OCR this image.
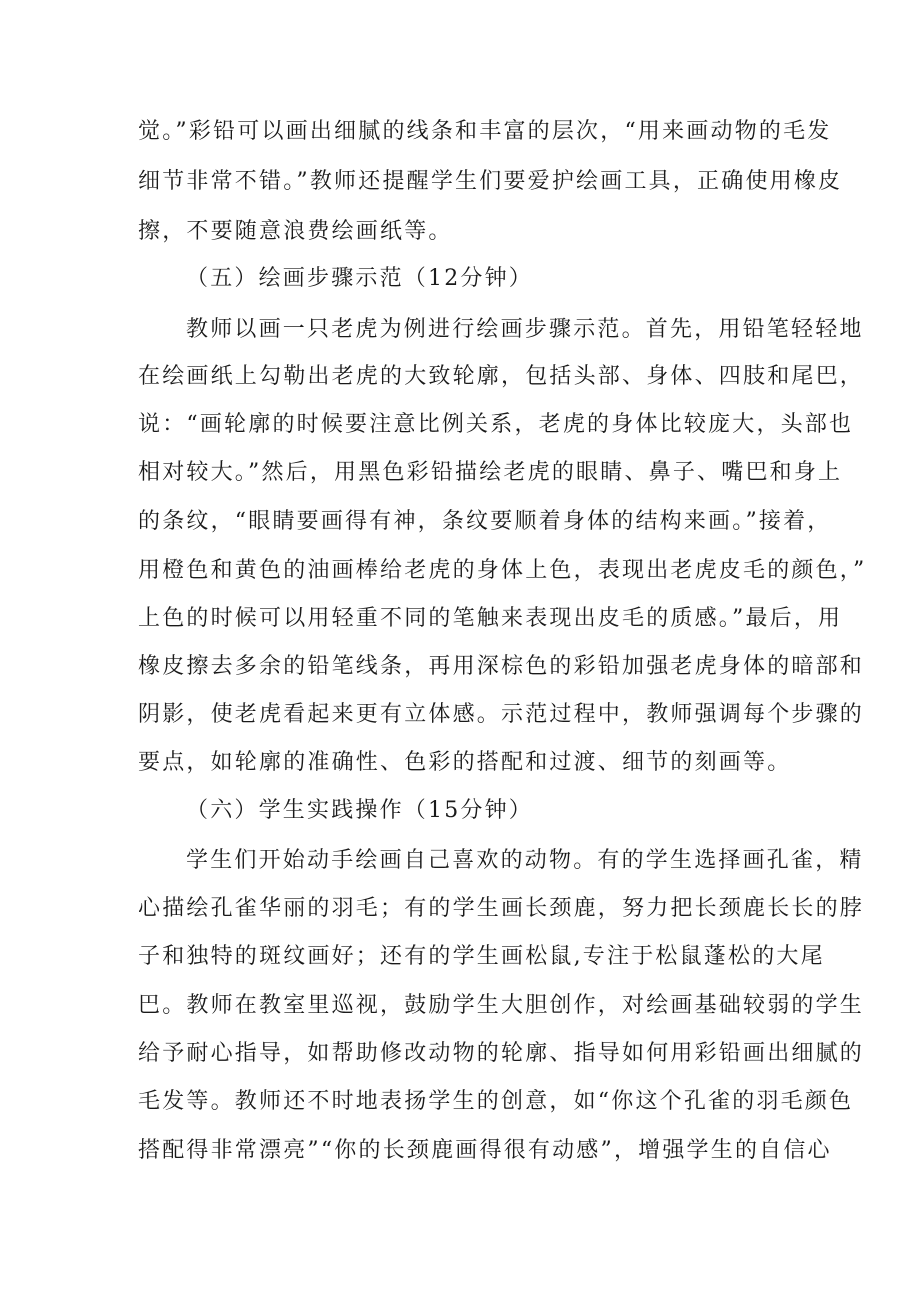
觉。”彩铅可以画出细腻的线条和丰富的层次，“用来画动物的毛发
细节非常不错。”教师还提醒学生们要爱护绘画工具，正确使用橡皮
擦，不要随意浪费绘画纸等。
（五）绘画步骤示范（12分钟）
教师以画一只老虎为例进行绘画步骤示范。首先，用铅笔轻轻地
在绘画纸上勾勒出老虎的大致轮廓，包括头部、身体、四肢和尾巴，
说：“画轮廓的时候要注意比例关系，老虎的身体比较庞大，头部也
相对较大。”然后，用黑色彩铅描绘老虎的眼睛、鼻子、嘴巴和身上
的条纹，“眼睛要画得有神，条纹要顺着身体的结构来画。”接着，
用橙色和黄色的油画棒给老虎的身体上色，表现出老虎皮毛的颜色，”
上色的时候可以用轻重不同的笔触来表现出皮毛的质感。”最后，用
橡皮擦去多余的铅笔线条，再用深棕色的彩铅加强老虎身体的暗部和
阴影，使老虎看起来更有立体感。示范过程中，教师强调每个步骤的
要点，如轮廓的准确性、色彩的搭配和过渡、细节的刻画等。
（六）学生实践操作（15分钟）
学生们开始动手绘画自己喜欢的动物。有的学生选择画孔雀，精
心描绘孔雀华丽的羽毛；有的学生画长颈鹿，努力把长颈鹿长长的脖
子和独特的斑纹画好；还有的学生画松鼠,专注于松鼠蓬松的大尾
巴。教师在教室里巡视，鼓励学生大胆创作，对绘画基础较弱的学生
给予耐心指导，如帮助修改动物的轮廓、指导如何用彩铅画出细腻的
毛发等。教师还不时地表扬学生的创意，如“你这个孔雀的羽毛颜色
搭配得非常漂亮”“你的长颈鹿画得很有动感”，增强学生的自信心
